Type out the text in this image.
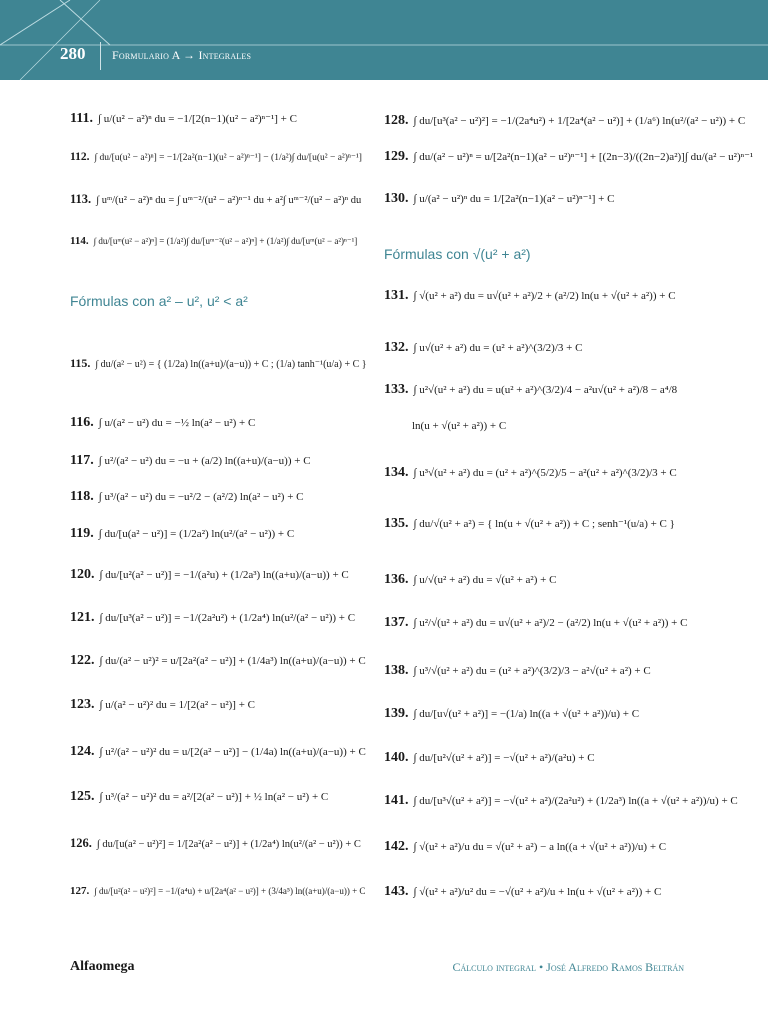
280 Formulario A → Integrales
111. ∫ u/(u² − a²)ⁿ du = −1/[2(n−1)(u² − a²)ⁿ⁻¹] + C
112. ∫ du/[u(u² − a²)ⁿ] = −1/[2a²(n−1)(u² − a²)ⁿ⁻¹] − (1/a²)∫ du/[u(u² − a²)ⁿ⁻¹]
113. ∫ uᵐ/(u² − a²)ⁿ du = ∫ uᵐ⁻²/(u² − a²)ⁿ⁻¹ du + a²∫ uᵐ⁻²/(u² − a²)ⁿ du
114. ∫ du/[uᵐ(u² − a²)ⁿ] = (1/a²)∫ du/[uᵐ⁻²(u² − a²)ⁿ] + (1/a²)∫ du/[uᵐ(u² − a²)ⁿ⁻¹]
Fórmulas con a² – u², u² < a²
115. ∫ du/(a² − u²) = { (1/2a) ln((a+u)/(a−u)) + C ; (1/a) tanh⁻¹(u/a) + C }
116. ∫ u/(a² − u²) du = −½ ln(a² − u²) + C
117. ∫ u²/(a² − u²) du = −u + (a/2) ln((a+u)/(a−u)) + C
118. ∫ u³/(a² − u²) du = −u²/2 − (a²/2) ln(a² − u²) + C
119. ∫ du/[u(a² − u²)] = (1/2a²) ln(u²/(a² − u²)) + C
120. ∫ du/[u²(a² − u²)] = −1/(a²u) + (1/2a³) ln((a+u)/(a−u)) + C
121. ∫ du/[u³(a² − u²)] = −1/(2a²u²) + (1/2a⁴) ln(u²/(a² − u²)) + C
122. ∫ du/(a² − u²)² = u/[2a²(a² − u²)] + (1/4a³) ln((a+u)/(a−u)) + C
123. ∫ u/(a² − u²)² du = 1/[2(a² − u²)] + C
124. ∫ u²/(a² − u²)² du = u/[2(a² − u²)] − (1/4a) ln((a+u)/(a−u)) + C
125. ∫ u³/(a² − u²)² du = a²/[2(a² − u²)] + ½ ln(a² − u²) + C
126. ∫ du/[u(a² − u²)²] = 1/[2a²(a² − u²)] + (1/2a⁴) ln(u²/(a² − u²)) + C
127. ∫ du/[u²(a² − u²)²] = −1/(a⁴u) + u/[2a⁴(a² − u²)] + (3/4a⁵) ln((a+u)/(a−u)) + C
128. ∫ du/[u³(a² − u²)²] = −1/(2a⁴u²) + 1/[2a⁴(a² − u²)] + (1/a⁶) ln(u²/(a² − u²)) + C
129. ∫ du/(a² − u²)ⁿ = u/[2a²(n−1)(a² − u²)ⁿ⁻¹] + [(2n−3)/((2n−2)a²)]∫ du/(a² − u²)ⁿ⁻¹
130. ∫ u/(a² − u²)ⁿ du = 1/[2a²(n−1)(a² − u²)ⁿ⁻¹] + C
Fórmulas con √(u² + a²)
131. ∫ √(u² + a²) du = u√(u² + a²)/2 + (a²/2) ln(u + √(u² + a²)) + C
132. ∫ u√(u² + a²) du = (u² + a²)^(3/2)/3 + C
133. ∫ u²√(u² + a²) du = u(u² + a²)^(3/2)/4 − a²u√(u² + a²)/8 − a⁴/8
ln(u + √(u² + a²)) + C
134. ∫ u³√(u² + a²) du = (u² + a²)^(5/2)/5 − a²(u² + a²)^(3/2)/3 + C
135. ∫ du/√(u² + a²) = { ln(u + √(u² + a²)) + C ; senh⁻¹(u/a) + C }
136. ∫ u/√(u² + a²) du = √(u² + a²) + C
137. ∫ u²/√(u² + a²) du = u√(u² + a²)/2 − (a²/2) ln(u + √(u² + a²)) + C
138. ∫ u³/√(u² + a²) du = (u² + a²)^(3/2)/3 − a²√(u² + a²) + C
139. ∫ du/[u√(u² + a²)] = −(1/a) ln((a + √(u² + a²))/u) + C
140. ∫ du/[u²√(u² + a²)] = −√(u² + a²)/(a²u) + C
141. ∫ du/[u³√(u² + a²)] = −√(u² + a²)/(2a²u²) + (1/2a³) ln((a + √(u² + a²))/u) + C
142. ∫ √(u² + a²)/u du = √(u² + a²) − a ln((a + √(u² + a²))/u) + C
143. ∫ √(u² + a²)/u² du = −√(u² + a²)/u + ln(u + √(u² + a²)) + C
Alfaomega	Cálculo integral • José Alfredo Ramos Beltrán
